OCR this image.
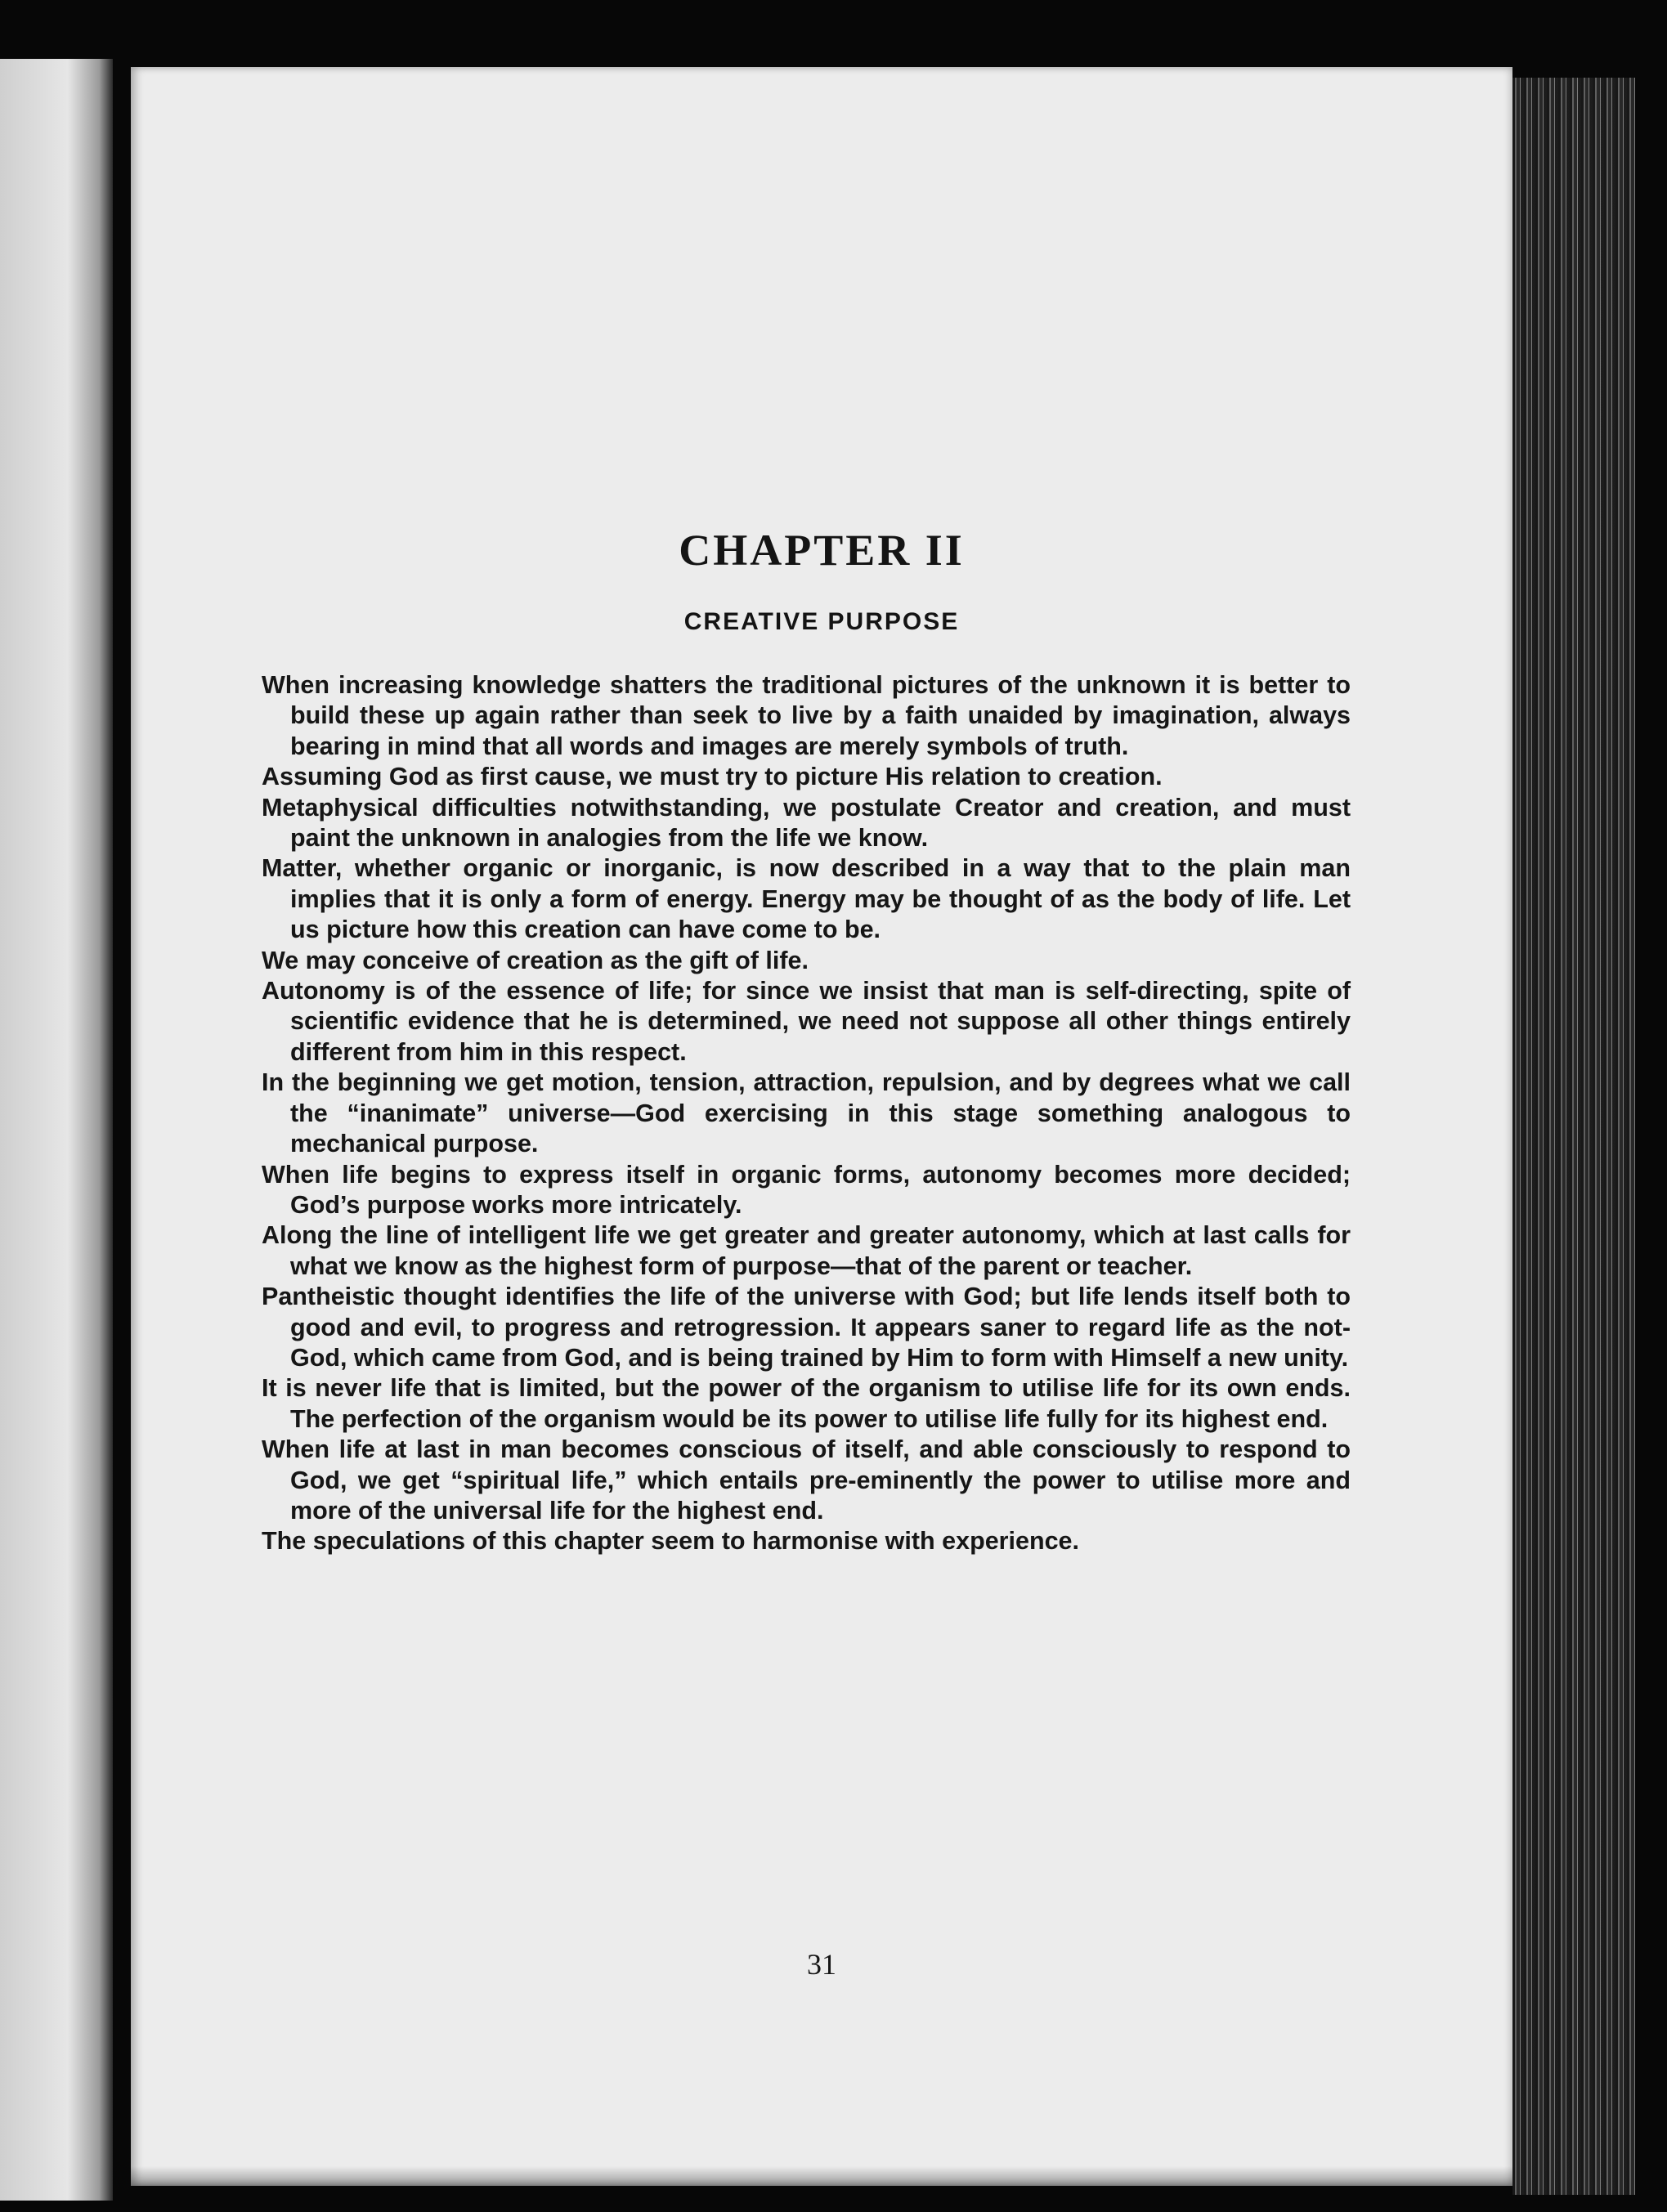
CHAPTER II
CREATIVE PURPOSE
When increasing knowledge shatters the traditional pictures of the unknown it is better to build these up again rather than seek to live by a faith unaided by imagination, always bearing in mind that all words and images are merely symbols of truth.
Assuming God as first cause, we must try to picture His relation to creation.
Metaphysical difficulties notwithstanding, we postulate Creator and creation, and must paint the unknown in analogies from the life we know.
Matter, whether organic or inorganic, is now described in a way that to the plain man implies that it is only a form of energy. Energy may be thought of as the body of life. Let us picture how this creation can have come to be.
We may conceive of creation as the gift of life.
Autonomy is of the essence of life; for since we insist that man is self-directing, spite of scientific evidence that he is determined, we need not suppose all other things entirely different from him in this respect.
In the beginning we get motion, tension, attraction, repulsion, and by degrees what we call the “inanimate” universe—God exercising in this stage something analogous to mechanical purpose.
When life begins to express itself in organic forms, autonomy becomes more decided; God’s purpose works more intricately.
Along the line of intelligent life we get greater and greater autonomy, which at last calls for what we know as the highest form of purpose—that of the parent or teacher.
Pantheistic thought identifies the life of the universe with God; but life lends itself both to good and evil, to progress and retrogression. It appears saner to regard life as the not-God, which came from God, and is being trained by Him to form with Himself a new unity.
It is never life that is limited, but the power of the organism to utilise life for its own ends. The perfection of the organism would be its power to utilise life fully for its highest end.
When life at last in man becomes conscious of itself, and able consciously to respond to God, we get “spiritual life,” which entails pre-eminently the power to utilise more and more of the universal life for the highest end.
The speculations of this chapter seem to harmonise with experience.
31
